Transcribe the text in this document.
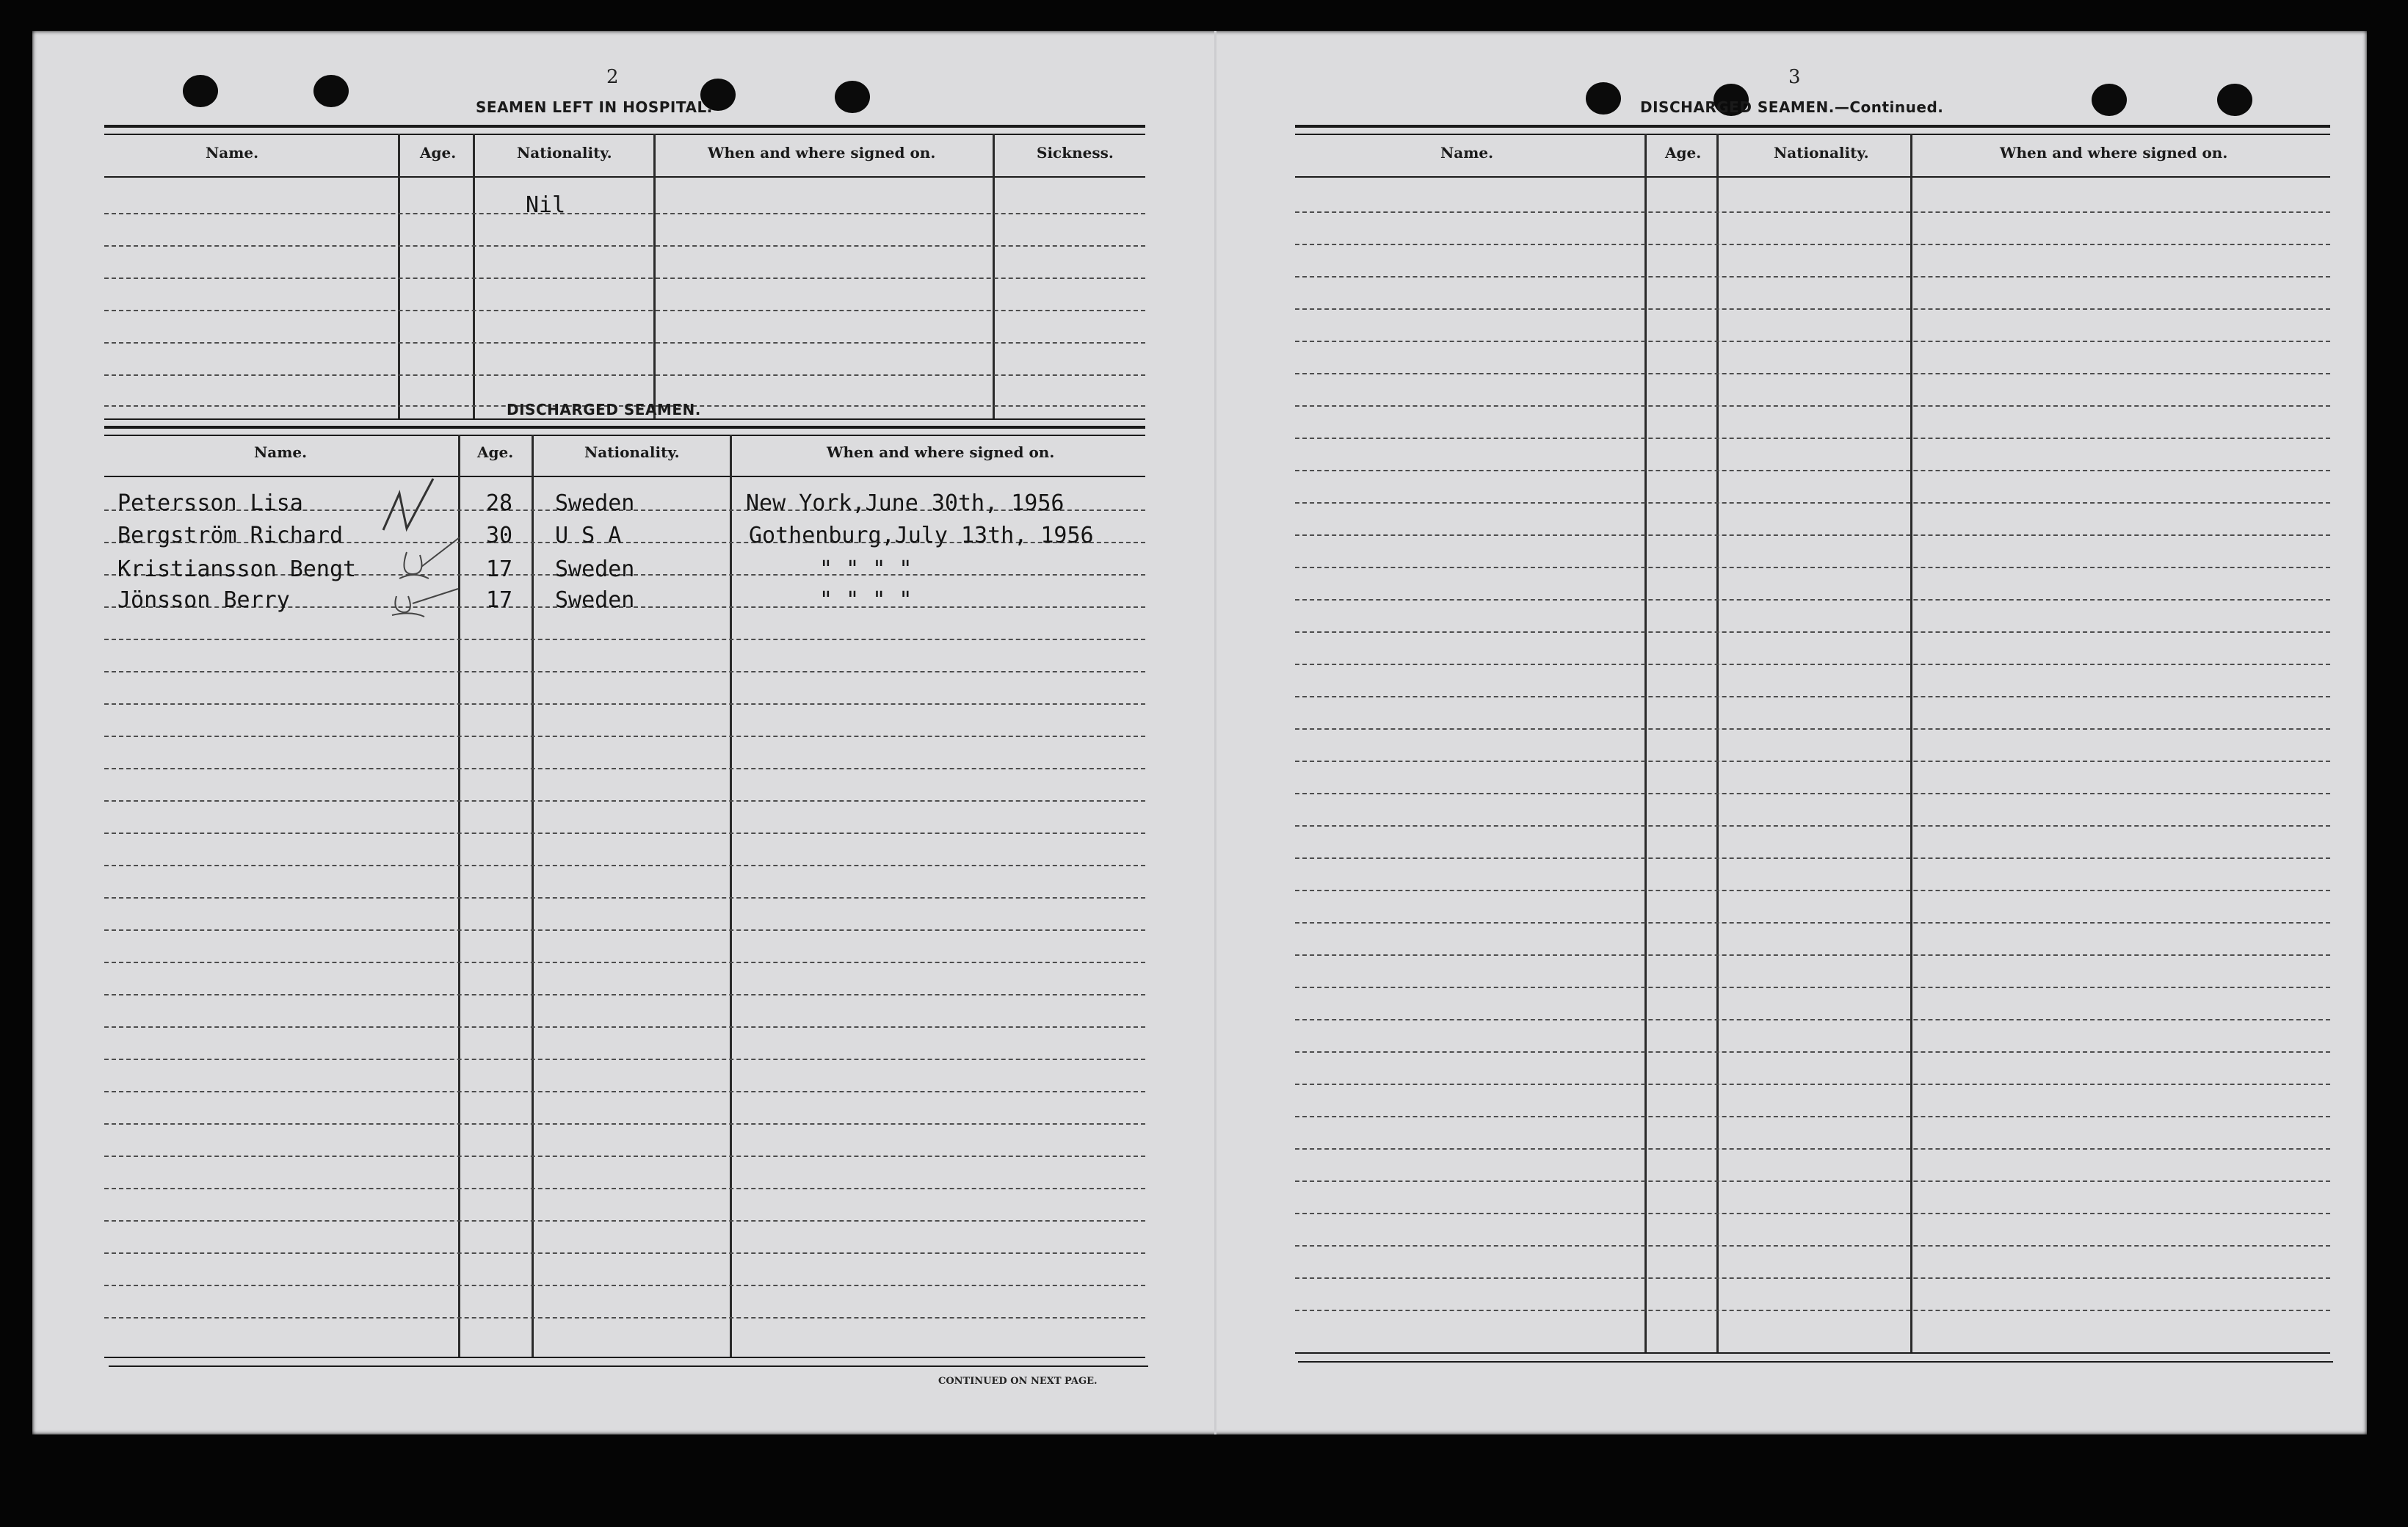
2
SEAMEN LEFT IN HOSPITAL.
Name.	Age.	Nationality.	When and where signed on.	Sickness.
Nil
DISCHARGED SEAMEN.
Name.	Age.	Nationality.	When and where signed on.
Petersson Lisa	28 Sweden	New York,June 30th, 1956
Bergström Richard	30 U S A	Gothenburg,July 13th, 1956
Kristiansson Bengt	17 Sweden	" " " "
Jönsson Berry	17 Sweden	" " " "
CONTINUED ON NEXT PAGE.
3
DISCHARGED SEAMEN.—Continued.
Name.	Age.	Nationality.	When and where signed on.
